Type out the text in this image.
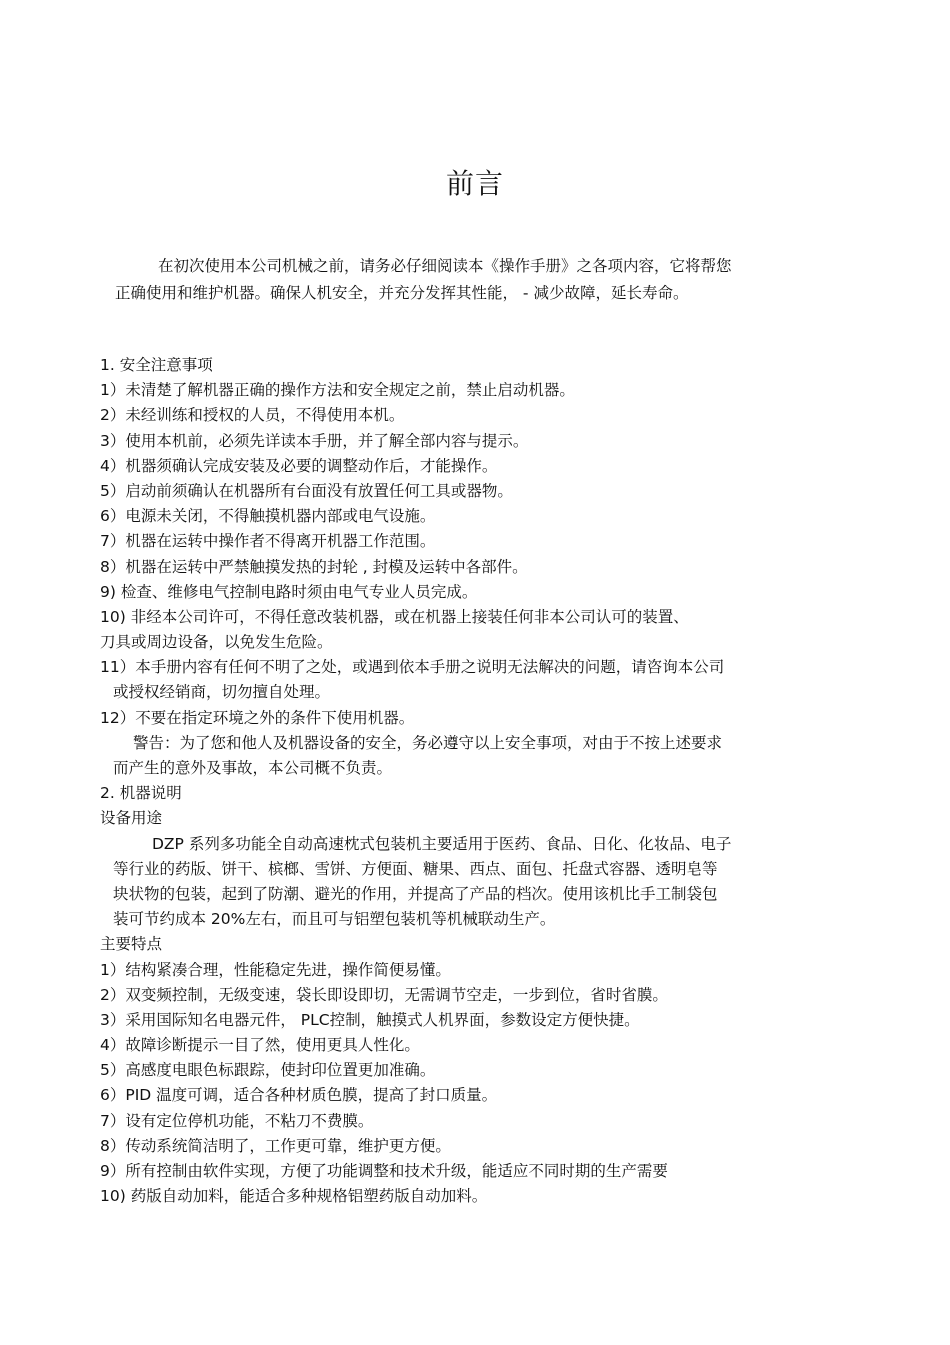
前言
在初次使用本公司机械之前，请务必仔细阅读本《操作手册》之各项内容，它将帮您
正确使用和维护机器。确保人机安全，并充分发挥其性能， - 减少故障，延长寿命。
1. 安全注意事项
1）未清楚了解机器正确的操作方法和安全规定之前，禁止启动机器。
2）未经训练和授权的人员，不得使用本机。
3）使用本机前，必须先详读本手册，并了解全部内容与提示。
4）机器须确认完成安装及必要的调整动作后，才能操作。
5）启动前须确认在机器所有台面没有放置任何工具或器物。
6）电源未关闭，不得触摸机器内部或电气设施。
7）机器在运转中操作者不得离开机器工作范围。
8）机器在运转中严禁触摸发热的封轮 , 封模及运转中各部件。
9) 检查、维修电气控制电路时须由电气专业人员完成。
10) 非经本公司许可，不得任意改装机器，或在机器上接装任何非本公司认可的装置、
刀具或周边设备，以免发生危险。
11）本手册内容有任何不明了之处，或遇到依本手册之说明无法解决的问题，请咨询本公司
或授权经销商，切勿擅自处理。
12）不要在指定环境之外的条件下使用机器。
警告：为了您和他人及机器设备的安全，务必遵守以上安全事项，对由于不按上述要求
而产生的意外及事故，本公司概不负责。
2. 机器说明
设备用途
DZP 系列多功能全自动高速枕式包装机主要适用于医药、食品、日化、化妆品、电子
等行业的药版、饼干、槟榔、雪饼、方便面、糖果、西点、面包、托盘式容器、透明皂等
块状物的包装，起到了防潮、避光的作用，并提高了产品的档次。使用该机比手工制袋包
装可节约成本 20%左右，而且可与铝塑包装机等机械联动生产。
主要特点
1）结构紧凑合理，性能稳定先进，操作简便易懂。
2）双变频控制，无级变速，袋长即设即切，无需调节空走，一步到位，省时省膜。
3）采用国际知名电器元件， PLC控制，触摸式人机界面，参数设定方便快捷。
4）故障诊断提示一目了然，使用更具人性化。
5）高感度电眼色标跟踪，使封印位置更加准确。
6）PID 温度可调，适合各种材质色膜，提高了封口质量。
7）设有定位停机功能，不粘刀不费膜。
8）传动系统简洁明了，工作更可靠，维护更方便。
9）所有控制由软件实现，方便了功能调整和技术升级，能适应不同时期的生产需要
10) 药版自动加料，能适合多种规格铝塑药版自动加料。
